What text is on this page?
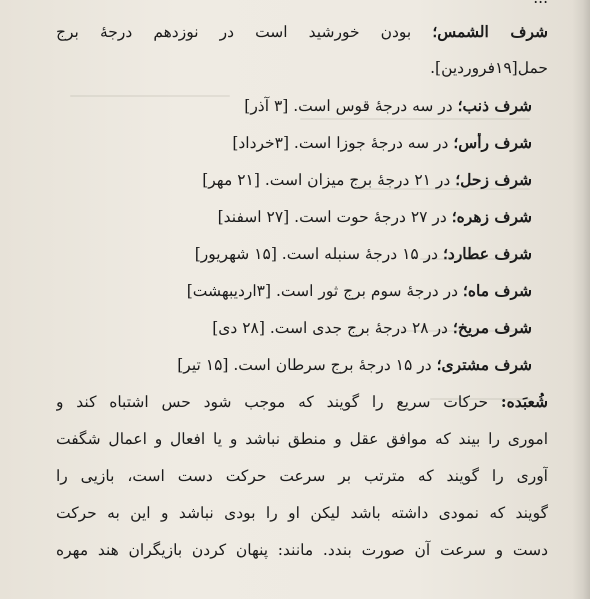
شرف الشمس؛ بودن خورشید است در نوزدهم درجهٔ برج
حمل[۱۹فروردین].
شرف ذنب؛ در سه درجهٔ قوس است. [۳ آذر]
شرف رأس؛ در سه درجهٔ جوزا است. [۳خرداد]
شرف زحل؛ در ۲۱ درجهٔ برج میزان است. [۲۱ مهر]
شرف زهره؛ در ۲۷ درجهٔ حوت است. [۲۷ اسفند]
شرف عطارد؛ در ۱۵ درجهٔ سنبله است. [۱۵ شهریور]
شرف ماه؛ در درجهٔ سوم برج ثور است. [۳اردیبهشت]
شرف مریخ؛ در ۲۸ درجهٔ برج جدی است. [۲۸ دی]
شرف مشتری؛ در ۱۵ درجهٔ برج سرطان است. [۱۵ تیر]
شُعبَده: حرکات سریع را گویند که موجب شود حس اشتباه کند و
اموری را بیند که موافق عقل و منطق نباشد و یا افعال و اعمال شگفت
آوری را گویند که مترتب بر سرعت حرکت دست است، بازیی را
گویند که نمودی داشته باشد لیکن او را بودی نباشد و این به حرکت
دست و سرعت آن صورت بندد. مانند: پنهان کردن بازیگران هند مهره
